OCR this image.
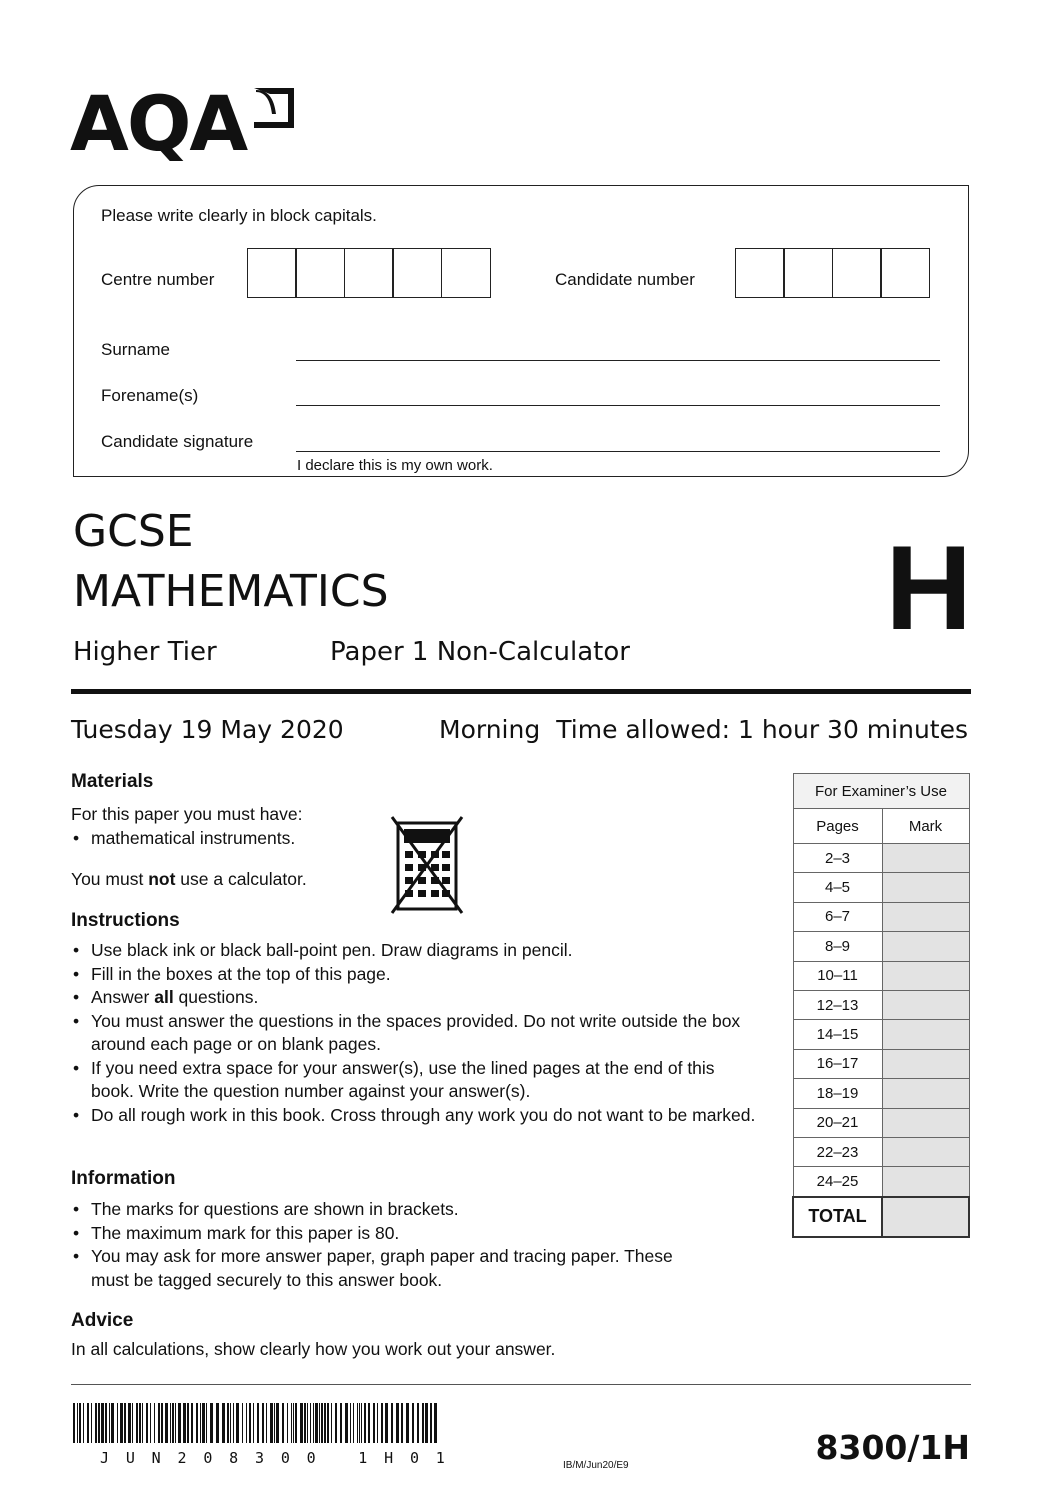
AQA
Please write clearly in block capitals.
Centre number	Candidate number
Surname
Forename(s)
Candidate signature
I declare this is my own work.
GCSE
MATHEMATICS	H
Higher Tier	Paper 1 Non-Calculator
Tuesday 19 May 2020	Morning Time allowed: 1 hour 30 minutes
Materials
For this paper you must have:
• mathematical instruments.
You must not use a calculator.
Instructions
• Use black ink or black ball-point pen. Draw diagrams in pencil.
• Fill in the boxes at the top of this page.
• Answer all questions.
• You must answer the questions in the spaces provided. Do not write outside the box around each page or on blank pages.
• If you need extra space for your answer(s), use the lined pages at the end of this book. Write the question number against your answer(s).
• Do all rough work in this book. Cross through any work you do not want to be marked.
Information
• The marks for questions are shown in brackets.
• The maximum mark for this paper is 80.
• You may ask for more answer paper, graph paper and tracing paper. These must be tagged securely to this answer book.
Advice
In all calculations, show clearly how you work out your answer.
For Examiner’s Use	
Pages	Mark
2–3	
4–5	
6–7	
8–9	
10–11	
12–13	
14–15	
16–17	
18–19	
20–21	
22–23	
24–25	
TOTAL	
JUN208300 1H01	IB/M/Jun20/E9	8300/1H
